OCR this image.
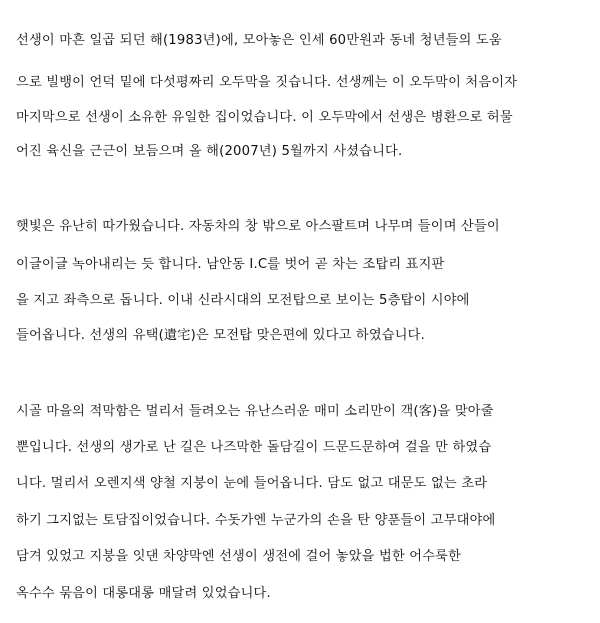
선생이 마흔 일곱 되던 해(1983년)에, 모아놓은 인세 60만원과 동네 청년들의 도움
으로 빌뱅이 언덕 밑에 다섯평짜리 오두막을 짓습니다. 선생께는 이 오두막이 처음이자
마지막으로 선생이 소유한 유일한 집이었습니다. 이 오두막에서 선생은 병환으로 허물
어진 육신을 근근이 보듬으며 올 해(2007년) 5월까지 사셨습니다.
햇빛은 유난히 따가웠습니다. 자동차의 창 밖으로 아스팔트며 나무며 들이며 산들이
이글이글 녹아내리는 듯 합니다. 남안동 I.C를 벗어 곧 차는 조탑리 표지판
을 지고 좌측으로 돕니다. 이내 신라시대의 모전탑으로 보이는 5층탑이 시야에
들어옵니다. 선생의 유택(遺宅)은 모전탑 맞은편에 있다고 하였습니다.
시골 마을의 적막함은 멀리서 들려오는 유난스러운 매미 소리만이 객(客)을 맞아줄
뿐입니다. 선생의 생가로 난 길은 나즈막한 돌담길이 드문드문하여 걸을 만 하였습
니다. 멀리서 오렌지색 양철 지붕이 눈에 들어옵니다. 담도 없고 대문도 없는 초라
하기 그지없는 토담집이었습니다. 수돗가엔 누군가의 손을 탄 양푼들이 고무대야에
담겨 있었고 지붕을 잇댄 차양막엔 선생이 생전에 걸어 놓았을 법한 어수룩한
옥수수 묶음이 대롱대롱 매달려 있었습니다.
